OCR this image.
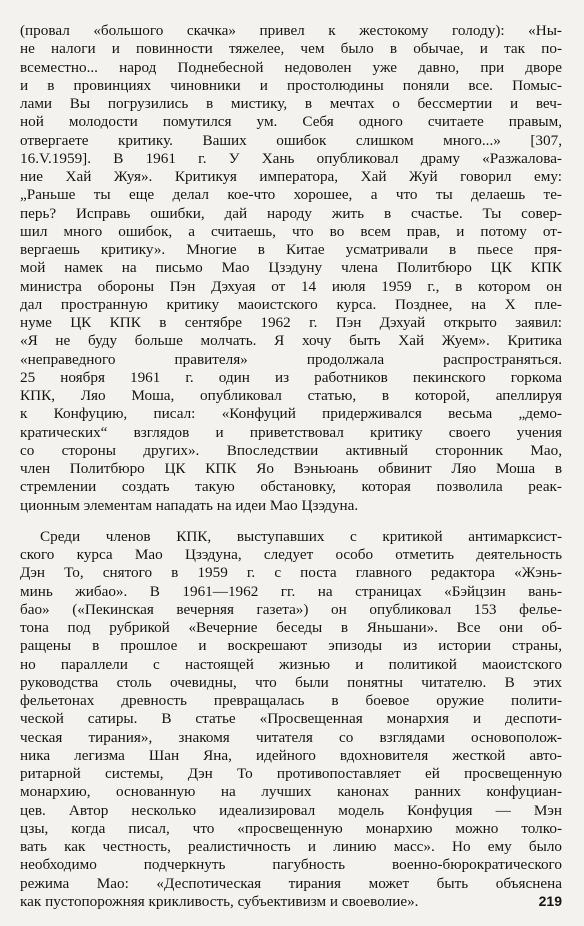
(провал «большого скачка» привел к жестокому голоду): «Ны-
не налоги и повинности тяжелее, чем было в обычае, и так по-
всеместно... народ Поднебесной недоволен уже давно, при дворе
и в провинциях чиновники и простолюдины поняли все. Помыс-
лами Вы погрузились в мистику, в мечтах о бессмертии и веч-
ной молодости помутился ум. Себя одного считаете правым,
отвергаете критику. Ваших ошибок слишком много...» [307,
16.V.1959]. В 1961 г. У Хань опубликовал драму «Разжалова-
ние Хай Жуя». Критикуя императора, Хай Жуй говорил ему:
„Раньше ты еще делал кое-что хорошее, а что ты делаешь те-
перь? Исправь ошибки, дай народу жить в счастье. Ты совер-
шил много ошибок, а считаешь, что во всем прав, и потому от-
вергаешь критику». Многие в Китае усматривали в пьесе пря-
мой намек на письмо Мао Цзэдуну члена Политбюро ЦК КПК
министра обороны Пэн Дэхуая от 14 июля 1959 г., в котором он
дал пространную критику маоистского курса. Позднее, на X пле-
нуме ЦК КПК в сентябре 1962 г. Пэн Дэхуай открыто заявил:
«Я не буду больше молчать. Я хочу быть Хай Жуем». Критика
«неправедного правителя» продолжала распространяться.
25 ноября 1961 г. один из работников пекинского горкома
КПК, Ляо Моша, опубликовал статью, в которой, апеллируя
к Конфуцию, писал: «Конфуций придерживался весьма „демо-
кратических“ взглядов и приветствовал критику своего учения
со стороны других». Впоследствии активный сторонник Мао,
член Политбюро ЦК КПК Яо Вэньюань обвинит Ляо Моша в
стремлении создать такую обстановку, которая позволила реак-
ционным элементам нападать на идеи Мао Цзэдуна.

Среди членов КПК, выступавших с критикой антимарксист-
ского курса Мао Цзэдуна, следует особо отметить деятельность
Дэн То, снятого в 1959 г. с поста главного редактора «Жэнь-
минь жибао». В 1961—1962 гг. на страницах «Бэйцзин вань-
бао» («Пекинская вечерняя газета») он опубликовал 153 фелье-
тона под рубрикой «Вечерние беседы в Яньшани». Все они об-
ращены в прошлое и воскрешают эпизоды из истории страны,
но параллели с настоящей жизнью и политикой маоистского
руководства столь очевидны, что были понятны читателю. В этих
фельетонах древность превращалась в боевое оружие полити-
ческой сатиры. В статье «Просвещенная монархия и деспоти-
ческая тирания», знакомя читателя со взглядами основополож-
ника легизма Шан Яна, идейного вдохновителя жесткой авто-
ритарной системы, Дэн То противопоставляет ей просвещенную
монархию, основанную на лучших канонах ранних конфуциан-
цев. Автор несколько идеализировал модель Конфуция — Мэн
цзы, когда писал, что «просвещенную монархию можно толко-
вать как честность, реалистичность и линию масс». Но ему было
необходимо подчеркнуть пагубность военно-бюрократического
режима Мао: «Деспотическая тирания может быть объяснена
как пустопорожняя крикливость, субъективизм и своеволие».	219
